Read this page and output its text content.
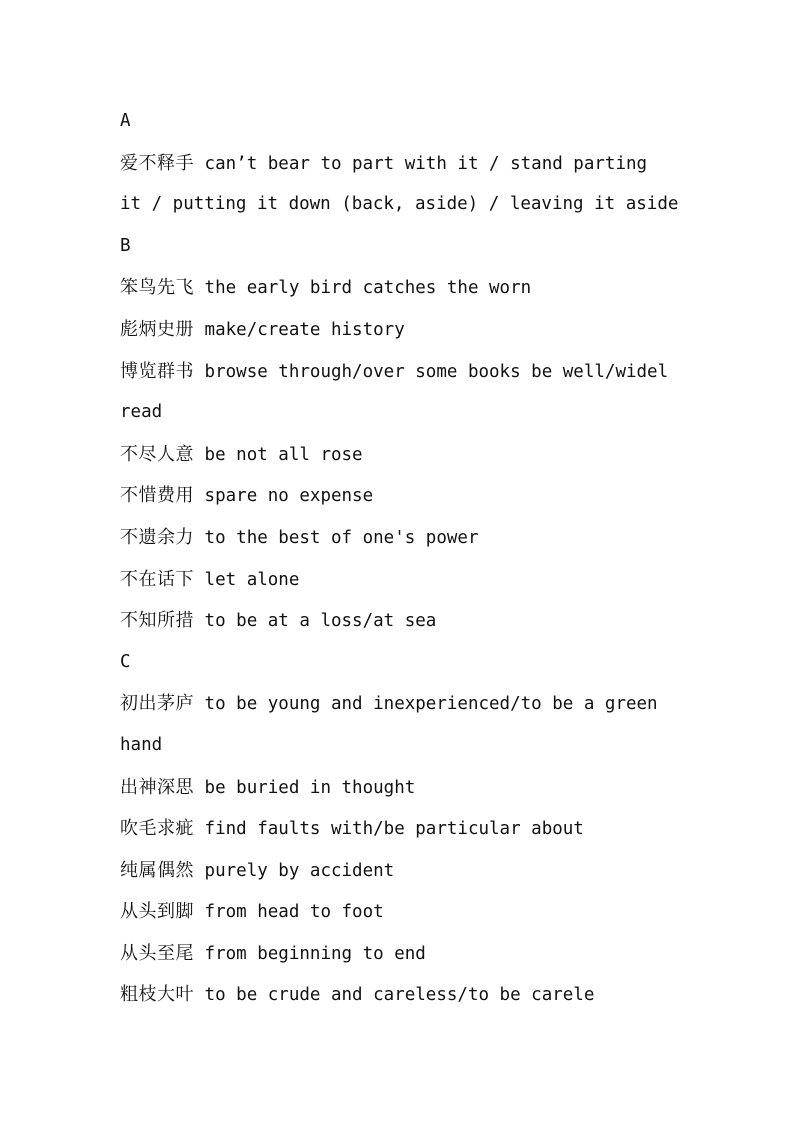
A
爱不释手 can’t bear to part with it / stand parting
it / putting it down (back, aside) / leaving it aside
B
笨鸟先飞 the early bird catches the worn
彪炳史册 make/create history
博览群书 browse through/over some books be well/widel
read
不尽人意 be not all rose
不惜费用 spare no expense
不遗余力 to the best of one's power
不在话下 let alone
不知所措 to be at a loss/at sea
C
初出茅庐 to be young and inexperienced/to be a green
hand
出神深思 be buried in thought
吹毛求疵 find faults with/be particular about
纯属偶然 purely by accident
从头到脚 from head to foot
从头至尾 from beginning to end
粗枝大叶 to be crude and careless/to be carele
